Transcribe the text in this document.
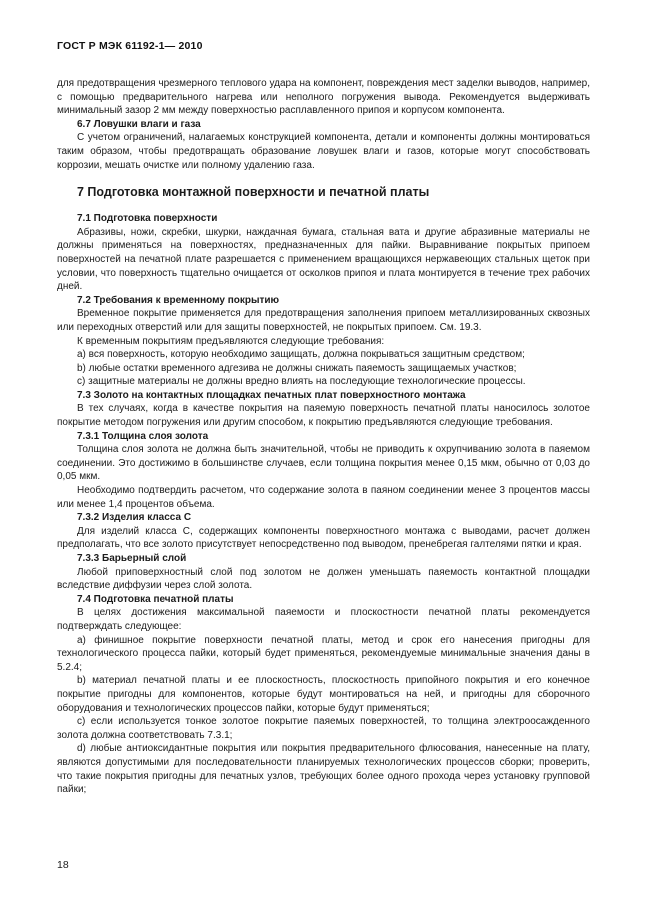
ГОСТ Р МЭК 61192-1— 2010

для предотвращения чрезмерного теплового удара на компонент, повреждения мест заделки выводов, например, с помощью предварительного нагрева или неполного погружения вывода. Рекомендуется выдерживать минимальный зазор 2 мм между поверхностью расплавленного припоя и корпусом компонента.

6.7 Ловушки влаги и газа

С учетом ограничений, налагаемых конструкцией компонента, детали и компоненты должны монтироваться таким образом, чтобы предотвращать образование ловушек влаги и газов, которые могут способствовать коррозии, мешать очистке или полному удалению газа.

7 Подготовка монтажной поверхности и печатной платы

7.1 Подготовка поверхности

Абразивы, ножи, скребки, шкурки, наждачная бумага, стальная вата и другие абразивные материалы не должны применяться на поверхностях, предназначенных для пайки. Выравнивание покрытых припоем поверхностей на печатной плате разрешается с применением вращающихся нержавеющих стальных щеток при условии, что поверхность тщательно очищается от осколков припоя и плата монтируется в течение трех рабочих дней.

7.2 Требования к временному покрытию

Временное покрытие применяется для предотвращения заполнения припоем металлизированных сквозных или переходных отверстий или для защиты поверхностей, не покрытых припоем. См. 19.3.

К временным покрытиям предъявляются следующие требования:

a) вся поверхность, которую необходимо защищать, должна покрываться защитным средством;

b) любые остатки временного адгезива не должны снижать паяемость защищаемых участков;

c) защитные материалы не должны вредно влиять на последующие технологические процессы.

7.3 Золото на контактных площадках печатных плат поверхностного монтажа

В тех случаях, когда в качестве покрытия на паяемую поверхность печатной платы наносилось золотое покрытие методом погружения или другим способом, к покрытию предъявляются следующие требования.

7.3.1 Толщина слоя золота

Толщина слоя золота не должна быть значительной, чтобы не приводить к охрупчиванию золота в паяемом соединении. Это достижимо в большинстве случаев, если толщина покрытия менее 0,15 мкм, обычно от 0,03 до 0,05 мкм.

Необходимо подтвердить расчетом, что содержание золота в паяном соединении менее 3 процентов массы или менее 1,4 процентов объема.

7.3.2 Изделия класса С

Для изделий класса С, содержащих компоненты поверхностного монтажа с выводами, расчет должен предполагать, что все золото присутствует непосредственно под выводом, пренебрегая галтелями пятки и края.

7.3.3 Барьерный слой

Любой приповерхностный слой под золотом не должен уменьшать паяемость контактной площадки вследствие диффузии через слой золота.

7.4 Подготовка печатной платы

В целях достижения максимальной паяемости и плоскостности печатной платы рекомендуется подтверждать следующее:

a) финишное покрытие поверхности печатной платы, метод и срок его нанесения пригодны для технологического процесса пайки, который будет применяться, рекомендуемые минимальные значения даны в 5.2.4;

b) материал печатной платы и ее плоскостность, плоскостность припойного покрытия и его конечное покрытие пригодны для компонентов, которые будут монтироваться на ней, и пригодны для сборочного оборудования и технологических процессов пайки, которые будут применяться;

c) если используется тонкое золотое покрытие паяемых поверхностей, то толщина электроосажденного золота должна соответствовать 7.3.1;

d) любые антиоксидантные покрытия или покрытия предварительного флюсования, нанесенные на плату, являются допустимыми для последовательности планируемых технологических процессов сборки; проверить, что такие покрытия пригодны для печатных узлов, требующих более одного прохода через установку групповой пайки;

18
